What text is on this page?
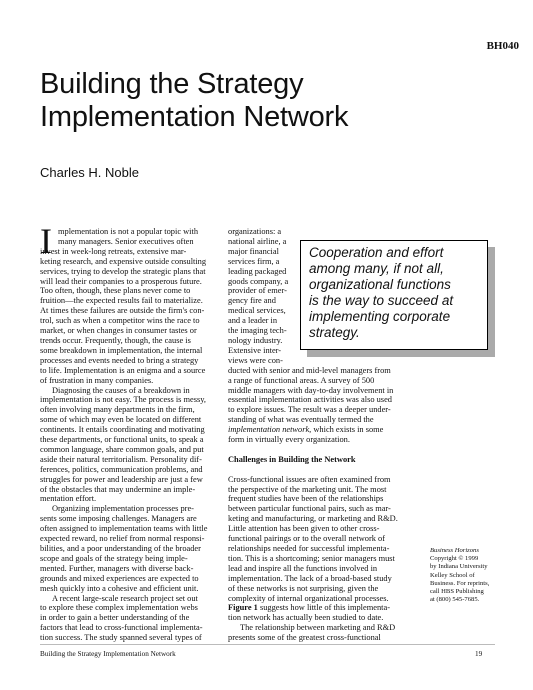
BH040
Building the Strategy
Implementation Network
Charles H. Noble
I mplementation is not a popular topic with
many managers. Senior executives often
invest in week-long retreats, extensive mar-
keting research, and expensive outside consulting
services, trying to develop the strategic plans that
will lead their companies to a prosperous future.
Too often, though, these plans never come to
fruition—the expected results fail to materialize.
At times these failures are outside the firm's con-
trol, such as when a competitor wins the race to
market, or when changes in consumer tastes or
trends occur. Frequently, though, the cause is
some breakdown in implementation, the internal
processes and events needed to bring a strategy
to life. Implementation is an enigma and a source
of frustration in many companies.
Diagnosing the causes of a breakdown in
implementation is not easy. The process is messy,
often involving many departments in the firm,
some of which may even be located on different
continents. It entails coordinating and motivating
these departments, or functional units, to speak a
common language, share common goals, and put
aside their natural territorialism. Personality dif-
ferences, politics, communication problems, and
struggles for power and leadership are just a few
of the obstacles that may undermine an imple-
mentation effort.
Organizing implementation processes pre-
sents some imposing challenges. Managers are
often assigned to implementation teams with little
expected reward, no relief from normal responsi-
bilities, and a poor understanding of the broader
scope and goals of the strategy being imple-
mented. Further, managers with diverse back-
grounds and mixed experiences are expected to
mesh quickly into a cohesive and efficient unit.
A recent large-scale research project set out
to explore these complex implementation webs
in order to gain a better understanding of the
factors that lead to cross-functional implementa-
tion success. The study spanned several types of
organizations: a
national airline, a
major financial
services firm, a
leading packaged
goods company, a
provider of emer-
gency fire and
medical services,
and a leader in
the imaging tech-
nology industry.
Extensive inter-
views were con-
ducted with senior and mid-level managers from
a range of functional areas. A survey of 500
middle managers with day-to-day involvement in
essential implementation activities was also used
to explore issues. The result was a deeper under-
standing of what was eventually termed the
implementation network, which exists in some
form in virtually every organization.

Challenges in Building the Network

Cross-functional issues are often examined from
the perspective of the marketing unit. The most
frequent studies have been of the relationships
between particular functional pairs, such as mar-
keting and manufacturing, or marketing and R&D.
Little attention has been given to other cross-
functional pairings or to the overall network of
relationships needed for successful implementa-
tion. This is a shortcoming; senior managers must
lead and inspire all the functions involved in
implementation. The lack of a broad-based study
of these networks is not surprising, given the
complexity of internal organizational processes.
Figure 1 suggests how little of this implementa-
tion network has actually been studied to date.
The relationship between marketing and R&D
presents some of the greatest cross-functional
Cooperation and effort
among many, if not all,
organizational functions
is the way to succeed at
implementing corporate
strategy.
Business Horizons
Copyright © 1999
by Indiana University
Kelley School of
Business. For reprints,
call HBS Publishing
at (800) 545-7685.
Building the Strategy Implementation Network	19
